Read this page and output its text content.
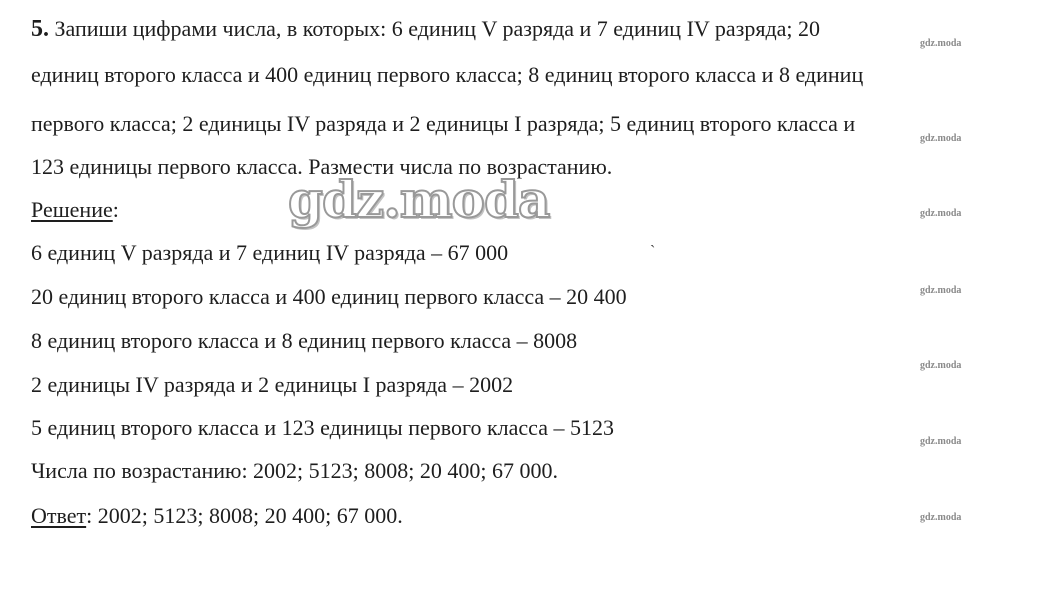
5. Запиши цифрами числа, в которых: 6 единиц V разряда и 7 единиц IV разряда; 20
единиц второго класса и 400 единиц первого класса; 8 единиц второго класса и 8 единиц
первого класса; 2 единицы IV разряда и 2 единицы I разряда; 5 единиц второго класса и
123 единицы первого класса. Размести числа по возрастанию.
Решение:
6 единиц V разряда и 7 единиц IV разряда – 67 000
20 единиц второго класса и 400 единиц первого класса – 20 400
8 единиц второго класса и 8 единиц первого класса – 8008
2 единицы IV разряда и 2 единицы I разряда – 2002
5 единиц второго класса и 123 единицы первого класса – 5123
Числа по возрастанию: 2002; 5123; 8008; 20 400; 67 000.
Ответ: 2002; 5123; 8008; 20 400; 67 000.
ˋ
gdz.moda
gdz.moda
gdz.moda
gdz.moda
gdz.moda
gdz.moda
gdz.moda
gdz.moda
